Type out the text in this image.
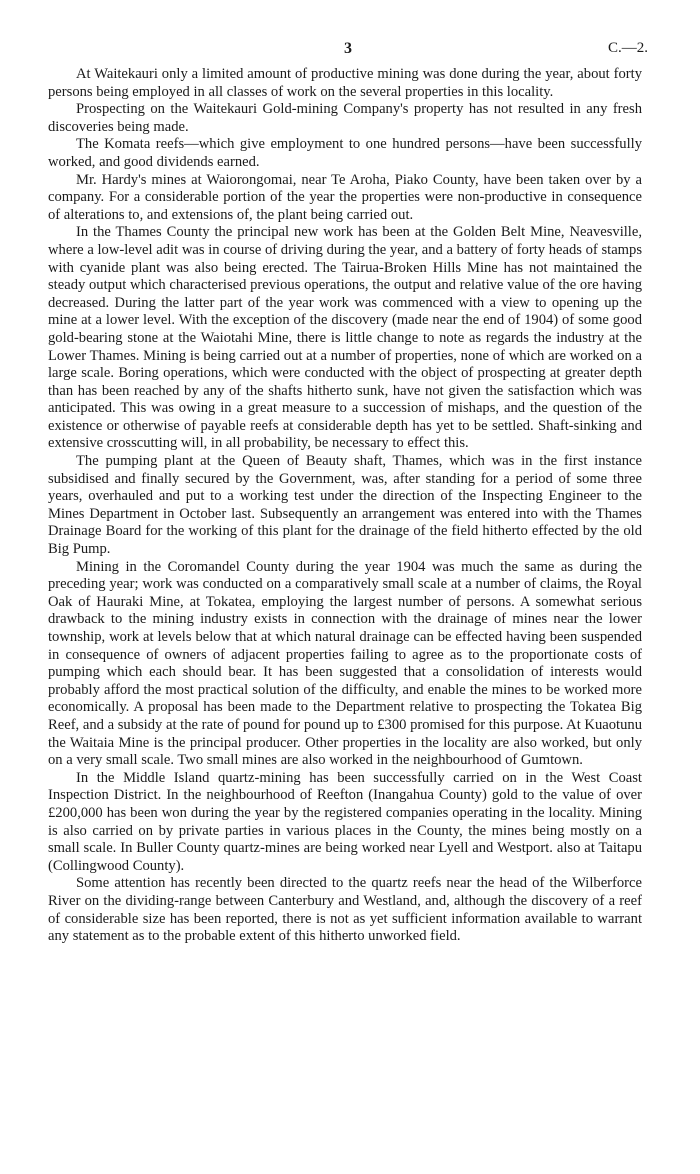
3	C.—2.

At Waitekauri only a limited amount of productive mining was done during the year, about forty persons being employed in all classes of work on the several properties in this locality.

Prospecting on the Waitekauri Gold-mining Company's property has not resulted in any fresh discoveries being made.

The Komata reefs—which give employment to one hundred persons—have been successfully worked, and good dividends earned.

Mr. Hardy's mines at Waiorongomai, near Te Aroha, Piako County, have been taken over by a company. For a considerable portion of the year the properties were non-productive in consequence of alterations to, and extensions of, the plant being carried out.

In the Thames County the principal new work has been at the Golden Belt Mine, Neavesville, where a low-level adit was in course of driving during the year, and a battery of forty heads of stamps with cyanide plant was also being erected. The Tairua-Broken Hills Mine has not maintained the steady output which characterised previous operations, the output and relative value of the ore having decreased. During the latter part of the year work was commenced with a view to opening up the mine at a lower level. With the exception of the discovery (made near the end of 1904) of some good gold-bearing stone at the Waiotahi Mine, there is little change to note as regards the industry at the Lower Thames. Mining is being carried out at a number of properties, none of which are worked on a large scale. Boring operations, which were conducted with the object of prospecting at greater depth than has been reached by any of the shafts hitherto sunk, have not given the satisfaction which was anticipated. This was owing in a great measure to a succession of mishaps, and the question of the existence or otherwise of payable reefs at considerable depth has yet to be settled. Shaft-sinking and extensive crosscutting will, in all probability, be necessary to effect this.

The pumping plant at the Queen of Beauty shaft, Thames, which was in the first instance subsidised and finally secured by the Government, was, after standing for a period of some three years, overhauled and put to a working test under the direction of the Inspecting Engineer to the Mines Department in October last. Subsequently an arrangement was entered into with the Thames Drainage Board for the working of this plant for the drainage of the field hitherto effected by the old Big Pump.

Mining in the Coromandel County during the year 1904 was much the same as during the preceding year; work was conducted on a comparatively small scale at a number of claims, the Royal Oak of Hauraki Mine, at Tokatea, employing the largest number of persons. A somewhat serious drawback to the mining industry exists in connection with the drainage of mines near the lower township, work at levels below that at which natural drainage can be effected having been suspended in consequence of owners of adjacent properties failing to agree as to the proportionate costs of pumping which each should bear. It has been suggested that a consolidation of interests would probably afford the most practical solution of the difficulty, and enable the mines to be worked more economically. A proposal has been made to the Department relative to prospecting the Tokatea Big Reef, and a subsidy at the rate of pound for pound up to £300 promised for this purpose. At Kuaotunu the Waitaia Mine is the principal producer. Other properties in the locality are also worked, but only on a very small scale. Two small mines are also worked in the neighbourhood of Gumtown.

In the Middle Island quartz-mining has been successfully carried on in the West Coast Inspection District. In the neighbourhood of Reefton (Inangahua County) gold to the value of over £200,000 has been won during the year by the registered companies operating in the locality. Mining is also carried on by private parties in various places in the County, the mines being mostly on a small scale. In Buller County quartz-mines are being worked near Lyell and Westport. also at Taitapu (Collingwood County).

Some attention has recently been directed to the quartz reefs near the head of the Wilberforce River on the dividing-range between Canterbury and Westland, and, although the discovery of a reef of considerable size has been reported, there is not as yet sufficient information available to warrant any statement as to the probable extent of this hitherto unworked field.
